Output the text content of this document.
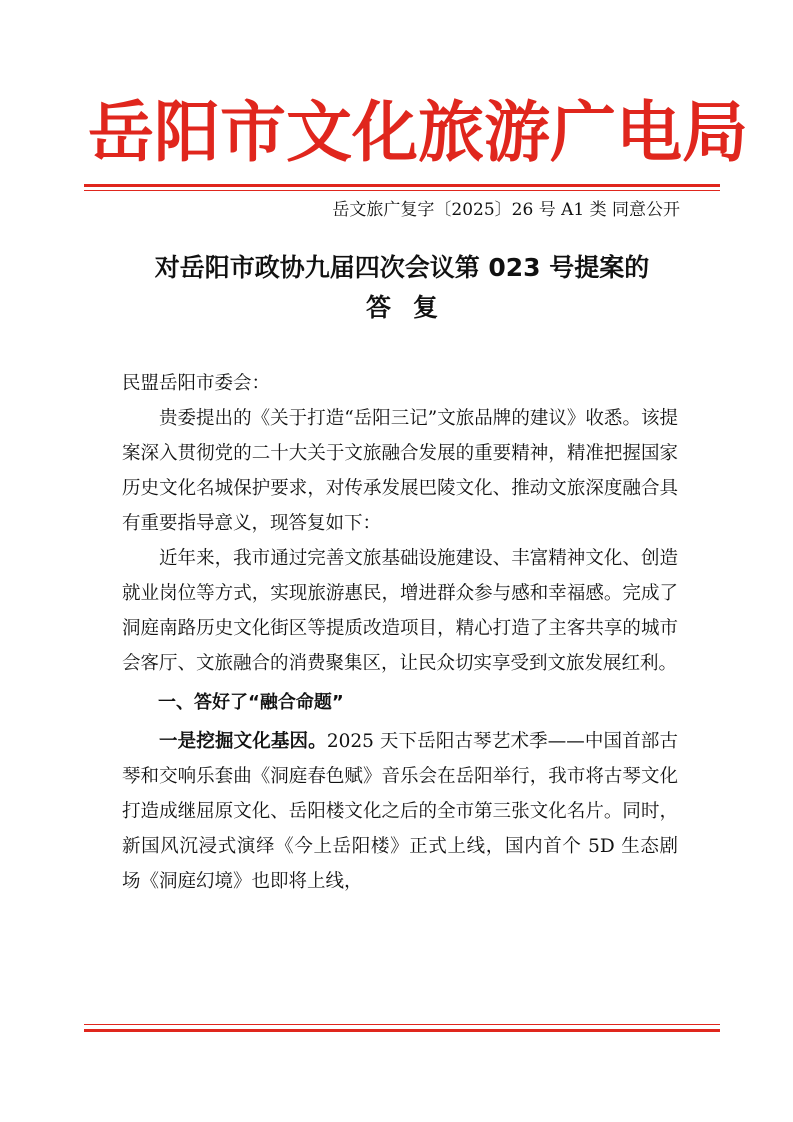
岳 阳 市 文 化 旅 游 广 电 局
岳文旅广复字〔2025〕26 号 A1 类 同意公开
对岳阳市政协九届四次会议第 023 号提案的
答复

民盟岳阳市委会：

贵委提出的《关于打造“岳阳三记”文旅品牌的建议》收悉。该提案深入贯彻党的二十大关于文旅融合发展的重要精神，精准把握国家历史文化名城保护要求，对传承发展巴陵文化、推动文旅深度融合具有重要指导意义，现答复如下：

近年来，我市通过完善文旅基础设施建设、丰富精神文化、创造就业岗位等方式，实现旅游惠民，增进群众参与感和幸福感。完成了洞庭南路历史文化街区等提质改造项目，精心打造了主客共享的城市会客厅、文旅融合的消费聚集区，让民众切实享受到文旅发展红利。

一、答好了“融合命题”

一是挖掘文化基因。2025 天下岳阳古琴艺术季——中国首部古琴和交响乐套曲《洞庭春色赋》音乐会在岳阳举行，我市将古琴文化打造成继屈原文化、岳阳楼文化之后的全市第三张文化名片。同时，新国风沉浸式演绎《今上岳阳楼》正式上线，国内首个 5D 生态剧场《洞庭幻境》也即将上线，
